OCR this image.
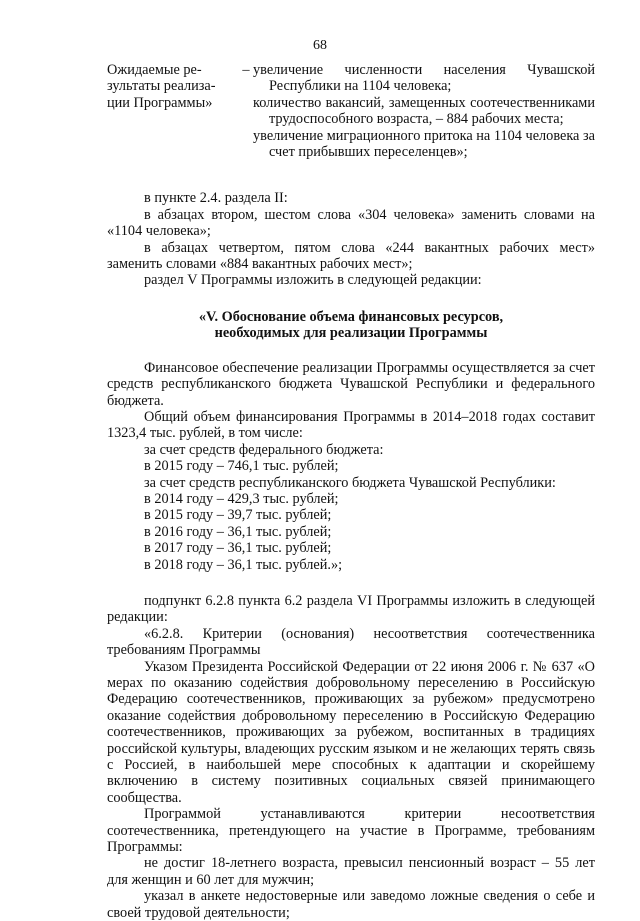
68
Ожидаемые ре-
зультаты реализа-
ции Программы»
– увеличение численности населения Чувашской Республики на 1104 человека;

количество вакансий, замещенных соотечественниками трудоспособного возраста, – 884 рабочих места;

увеличение миграционного притока на 1104 человека за счет прибывших переселенцев»;

в пункте 2.4. раздела II:

в абзацах втором, шестом слова «304 человека» заменить словами на «1104 человека»;

в абзацах четвертом, пятом слова «244 вакантных рабочих мест» заменить словами «884 вакантных рабочих мест»;

раздел V Программы изложить в следующей редакции:

«V. Обоснование объема финансовых ресурсов,
необходимых для реализации Программы

Финансовое обеспечение реализации Программы осуществляется за счет средств республиканского бюджета Чувашской Республики и федерального бюджета.

Общий объем финансирования Программы в 2014–2018 годах составит 1323,4 тыс. рублей, в том числе:

за счет средств федерального бюджета:

в 2015 году – 746,1 тыс. рублей;

за счет средств республиканского бюджета Чувашской Республики:

в 2014 году – 429,3 тыс. рублей;

в 2015 году – 39,7 тыс. рублей;

в 2016 году – 36,1 тыс. рублей;

в 2017 году – 36,1 тыс. рублей;

в 2018 году – 36,1 тыс. рублей.»;

подпункт 6.2.8 пункта 6.2 раздела VI Программы изложить в следующей редакции:

«6.2.8. Критерии (основания) несоответствия соотечественника требованиям Программы

Указом Президента Российской Федерации от 22 июня 2006 г. № 637 «О мерах по оказанию содействия добровольному переселению в Российскую Федерацию соотечественников, проживающих за рубежом» предусмотрено оказание содействия добровольному переселению в Российскую Федерацию соотечественников, проживающих за рубежом, воспитанных в традициях российской культуры, владеющих русским языком и не желающих терять связь с Россией, в наибольшей мере способных к адаптации и скорейшему включению в систему позитивных социальных связей принимающего сообщества.

Программой устанавливаются критерии несоответствия соотечественника, претендующего на участие в Программе, требованиям Программы:

не достиг 18-летнего возраста, превысил пенсионный возраст – 55 лет для женщин и 60 лет для мужчин;

указал в анкете недостоверные или заведомо ложные сведения о себе и своей трудовой деятельности;
